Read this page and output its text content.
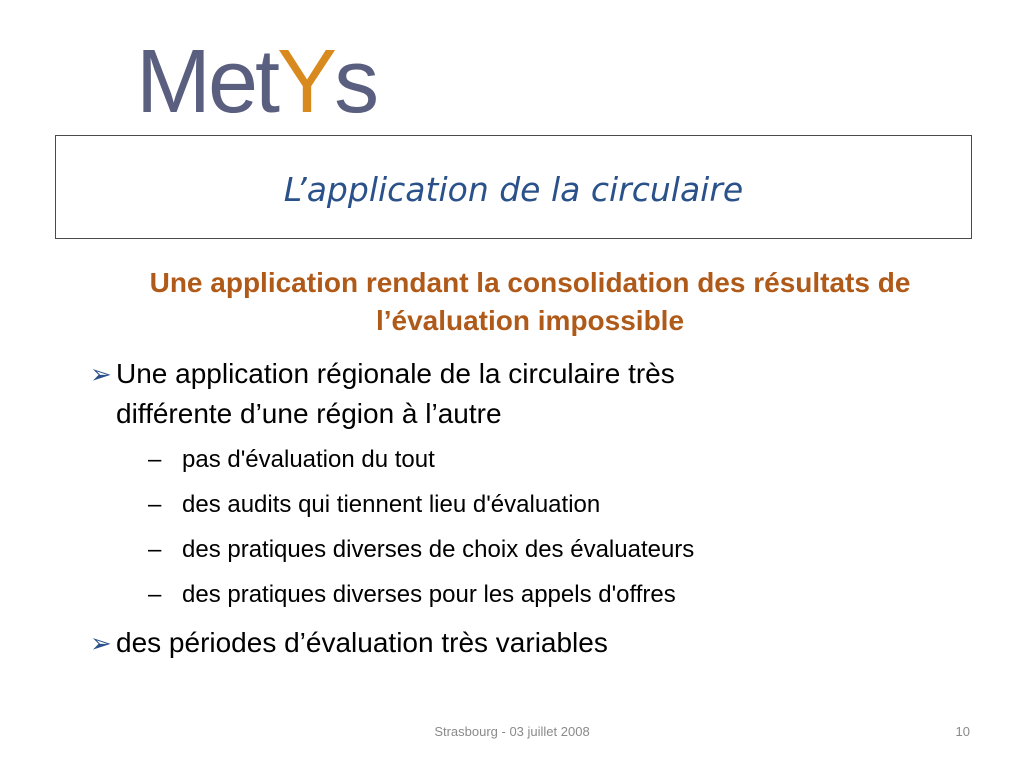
Met Y s
L’application de la circulaire
Une application rendant la consolidation des résultats de l’évaluation impossible
➢ Une application régionale de la circulaire très
différente d’une région à l’autre
– pas d'évaluation du tout
– des audits qui tiennent lieu d'évaluation
– des pratiques diverses de choix des évaluateurs
– des pratiques diverses pour les appels d'offres
➢ des périodes d’évaluation très variables
Strasbourg - 03 juillet 2008	10
